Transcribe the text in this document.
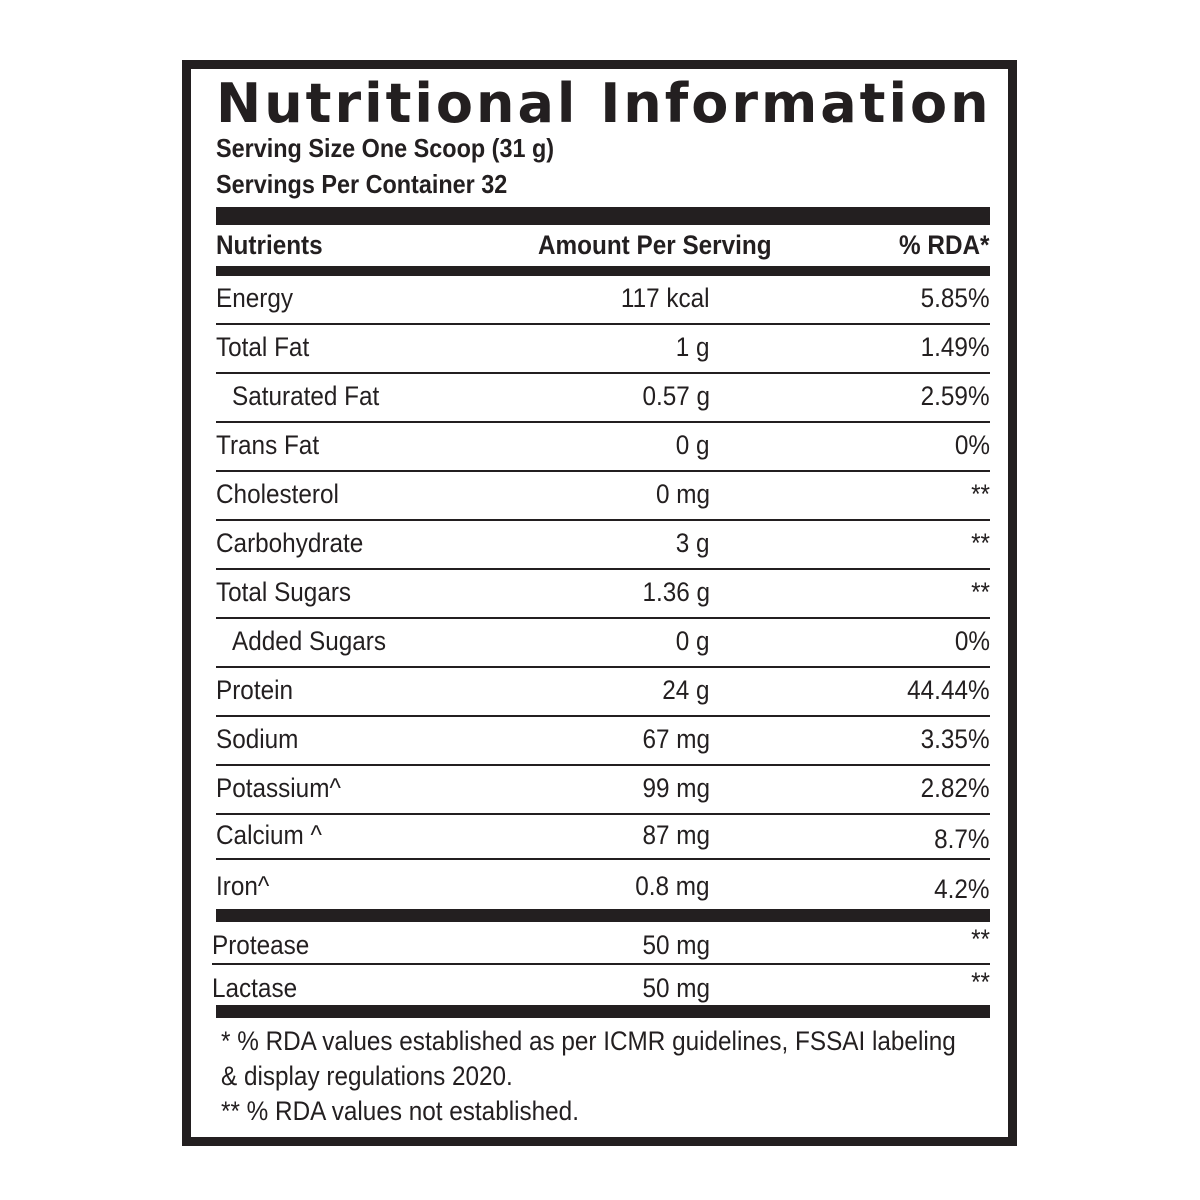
Nutritional Information
Serving Size One Scoop (31 g)
Servings Per Container 32
Nutrients	Amount Per Serving	% RDA*
Energy	117 kcal	5.85%
Total Fat	1 g	1.49%
Saturated Fat	0.57 g	2.59%
Trans Fat	0 g	0%
Cholesterol	0 mg	**
Carbohydrate	3 g	**
Total Sugars	1.36 g	**
Added Sugars	0 g	0%
Protein	24 g	44.44%
Sodium	67 mg	3.35%
Potassium^	99 mg	2.82%
Calcium ^	87 mg	8.7%
Iron^	0.8 mg	4.2%
Protease	50 mg	**
Lactase	50 mg	**
* % RDA values established as per ICMR guidelines, FSSAI labeling
& display regulations 2020.
** % RDA values not established.
